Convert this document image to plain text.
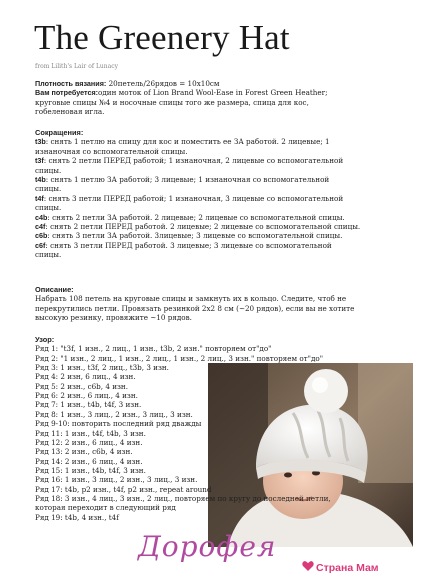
The Greenery Hat
from Lilith's Lair of Lunacy
Плотность вязания: 20петель/26рядов = 10х10см
Вам потребуется:один моток of Lion Brand Wool-Ease in Forest Green Heather;
круговые спицы №4 и носочные спицы того же размера, спица для кос,
гобеленовая игла.
Сокращения:
t3b: снять 1 петлю на спицу для кос и поместить ее ЗА работой. 2 лицевые; 1
изнаночная со вспомогательной спицы.
t3f: снять 2 петли ПЕРЕД работой; 1 изнаночная, 2 лицевые со вспомогательной
спицы.
t4b: снять 1 петлю ЗА работой; 3 лицевые; 1 изнаночная со вспомогательной
спицы.
t4f: снять 3 петли ПЕРЕД работой; 1 изнаночная, 3 лицевые со вспомогательной
спицы.
c4b: снять 2 петли ЗА работой. 2 лицевые; 2 лицевые со вспомогательной спицы.
c4f: снять 2 петли ПЕРЕД работой. 2 лицевые; 2 лицевые со вспомогательной спицы.
c6b: снять 3 петли ЗА работой. 3лицевые; 3 лицевые со вспомогательной спицы.
c6f: снять 3 петли ПЕРЕД работой. 3 лицевые; 3 лицевые со вспомогательной
спицы.
Описание:
Набрать 108 петель на круговые спицы и замкнуть их в кольцо. Следите, чтоб не
перекрутились петли. Провязать резинкой 2х2 8 см (~20 рядов), если вы не хотите
высокую резинку, провяжите ~10 рядов.
Узор:
Ряд 1: "t3f, 1 изн., 2 лиц., 1 изн., t3b, 2 изн." повторяем от"до"
Ряд 2: "1 изн., 2 лиц., 1 изн., 2 лиц., 1 изн., 2 лиц., 3 изн." повторяем от"до"
Ряд 3: 1 изн., t3f, 2 лиц., t3b, 3 изн.
Ряд 4: 2 изн, 6 лиц., 4 изн.
Ряд 5: 2 изн., c6b, 4 изн.
Ряд 6: 2 изн., 6 лиц., 4 изн.
Ряд 7: 1 изн., t4b, t4f, 3 изн.
Ряд 8: 1 изн., 3 лиц., 2 изн., 3 лиц., 3 изн.
Ряд 9-10: повторить последний ряд дважды
Ряд 11: 1 изн., t4f, t4b, 3 изн.
Ряд 12: 2 изн., 6 лиц., 4 изн.
Ряд 13: 2 изн., c6b, 4 изн.
Ряд 14: 2 изн., 6 лиц., 4 изн.
Ряд 15: 1 изн., t4b, t4f, 3 изн.
Ряд 16: 1 изн., 3 лиц., 2 изн., 3 лиц., 3 изн.
Ряд 17: t4b, p2 изн., t4f, p2 изн., repeat around
Ряд 18: 3 изн., 4 лиц., 3 изн., 2 лиц., повторяем по кругу до последней петли,
которая переходит в следующий ряд
Ряд 19: t4b, 4 изн., t4f
Дорофея
Страна Мам
